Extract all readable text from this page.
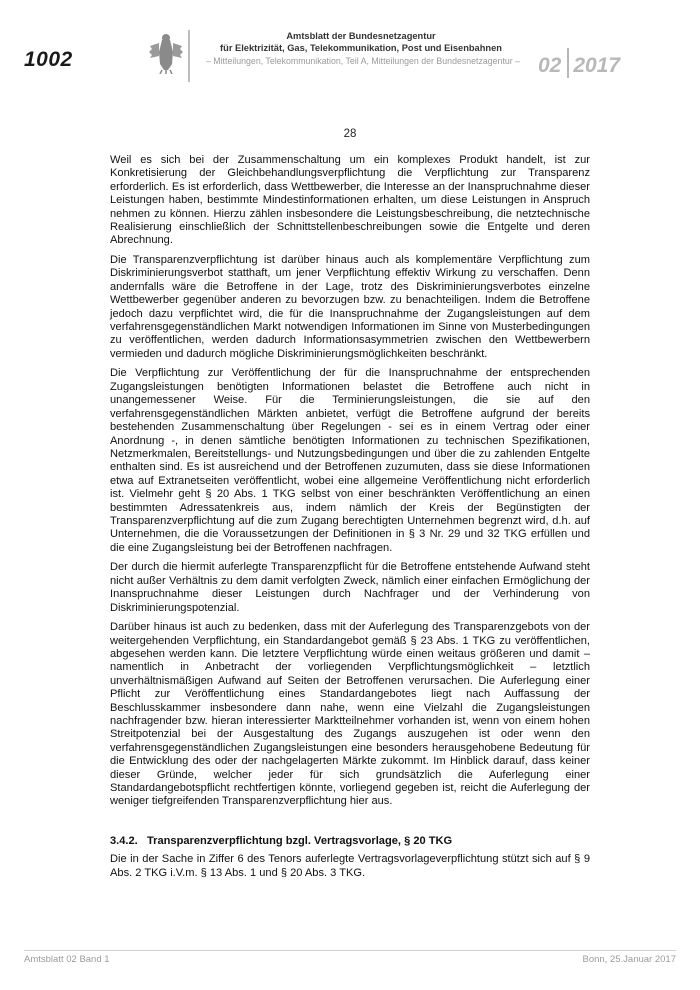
1002
Amtsblatt der Bundesnetzagentur
für Elektrizität, Gas, Telekommunikation, Post und Eisenbahnen
– Mitteilungen, Telekommunikation, Teil A, Mitteilungen der Bundesnetzagentur – 02 2017
28

Weil es sich bei der Zusammenschaltung um ein komplexes Produkt handelt, ist zur Konkretisierung der Gleichbehandlungsverpflichtung die Verpflichtung zur Transparenz erforderlich. Es ist erforderlich, dass Wettbewerber, die Interesse an der Inanspruchnahme dieser Leistungen haben, bestimmte Mindestinformationen erhalten, um diese Leistungen in Anspruch nehmen zu können. Hierzu zählen insbesondere die Leistungsbeschreibung, die netztechnische Realisierung einschließlich der Schnittstellenbeschreibungen sowie die Entgelte und deren Abrechnung.

Die Transparenzverpflichtung ist darüber hinaus auch als komplementäre Verpflichtung zum Diskriminierungsverbot statthaft, um jener Verpflichtung effektiv Wirkung zu verschaffen. Denn andernfalls wäre die Betroffene in der Lage, trotz des Diskriminierungsverbotes einzelne Wettbewerber gegenüber anderen zu bevorzugen bzw. zu benachteiligen. Indem die Betroffene jedoch dazu verpflichtet wird, die für die Inanspruchnahme der Zugangsleistungen auf dem verfahrensgegenständlichen Markt notwendigen Informationen im Sinne von Musterbedingungen zu veröffentlichen, werden dadurch Informationsasymmetrien zwischen den Wettbewerbern vermieden und dadurch mögliche Diskriminierungsmöglichkeiten beschränkt.

Die Verpflichtung zur Veröffentlichung der für die Inanspruchnahme der entsprechenden Zugangsleistungen benötigten Informationen belastet die Betroffene auch nicht in unangemessener Weise. Für die Terminierungsleistungen, die sie auf den verfahrensgegenständlichen Märkten anbietet, verfügt die Betroffene aufgrund der bereits bestehenden Zusammenschaltung über Regelungen - sei es in einem Vertrag oder einer Anordnung -, in denen sämtliche benötigten Informationen zu technischen Spezifikationen, Netzmerkmalen, Bereitstellungs- und Nutzungsbedingungen und über die zu zahlenden Entgelte enthalten sind. Es ist ausreichend und der Betroffenen zuzumuten, dass sie diese Informationen etwa auf Extranetseiten veröffentlicht, wobei eine allgemeine Veröffentlichung nicht erforderlich ist. Vielmehr geht § 20 Abs. 1 TKG selbst von einer beschränkten Veröffentlichung an einen bestimmten Adressatenkreis aus, indem nämlich der Kreis der Begünstigten der Transparenzverpflichtung auf die zum Zugang berechtigten Unternehmen begrenzt wird, d.h. auf Unternehmen, die die Voraussetzungen der Definitionen in § 3 Nr. 29 und 32 TKG erfüllen und die eine Zugangsleistung bei der Betroffenen nachfragen.

Der durch die hiermit auferlegte Transparenzpflicht für die Betroffene entstehende Aufwand steht nicht außer Verhältnis zu dem damit verfolgten Zweck, nämlich einer einfachen Ermöglichung der Inanspruchnahme dieser Leistungen durch Nachfrager und der Verhinderung von Diskriminierungspotenzial.

Darüber hinaus ist auch zu bedenken, dass mit der Auferlegung des Transparenzgebots von der weitergehenden Verpflichtung, ein Standardangebot gemäß § 23 Abs. 1 TKG zu veröffentlichen, abgesehen werden kann. Die letztere Verpflichtung würde einen weitaus größeren und damit – namentlich in Anbetracht der vorliegenden Verpflichtungsmöglichkeit – letztlich unverhältnismäßigen Aufwand auf Seiten der Betroffenen verursachen. Die Auferlegung einer Pflicht zur Veröffentlichung eines Standardangebotes liegt nach Auffassung der Beschlusskammer insbesondere dann nahe, wenn eine Vielzahl die Zugangsleistungen nachfragender bzw. hieran interessierter Marktteilnehmer vorhanden ist, wenn von einem hohen Streitpotenzial bei der Ausgestaltung des Zugangs auszugehen ist oder wenn den verfahrensgegenständlichen Zugangsleistungen eine besonders herausgehobene Bedeutung für die Entwicklung des oder der nachgelagerten Märkte zukommt. Im Hinblick darauf, dass keiner dieser Gründe, welcher jeder für sich grundsätzlich die Auferlegung einer Standardangebotspflicht rechtfertigen könnte, vorliegend gegeben ist, reicht die Auferlegung der weniger tiefgreifenden Transparenzverpflichtung hier aus.

3.4.2.   Transparenzverpflichtung bzgl. Vertragsvorlage, § 20 TKG

Die in der Sache in Ziffer 6 des Tenors auferlegte Vertragsvorlageverpflichtung stützt sich auf § 9 Abs. 2 TKG i.V.m. § 13 Abs. 1 und § 20 Abs. 3 TKG.

Amtsblatt 02 Band 1	Bonn, 25.Januar 2017
